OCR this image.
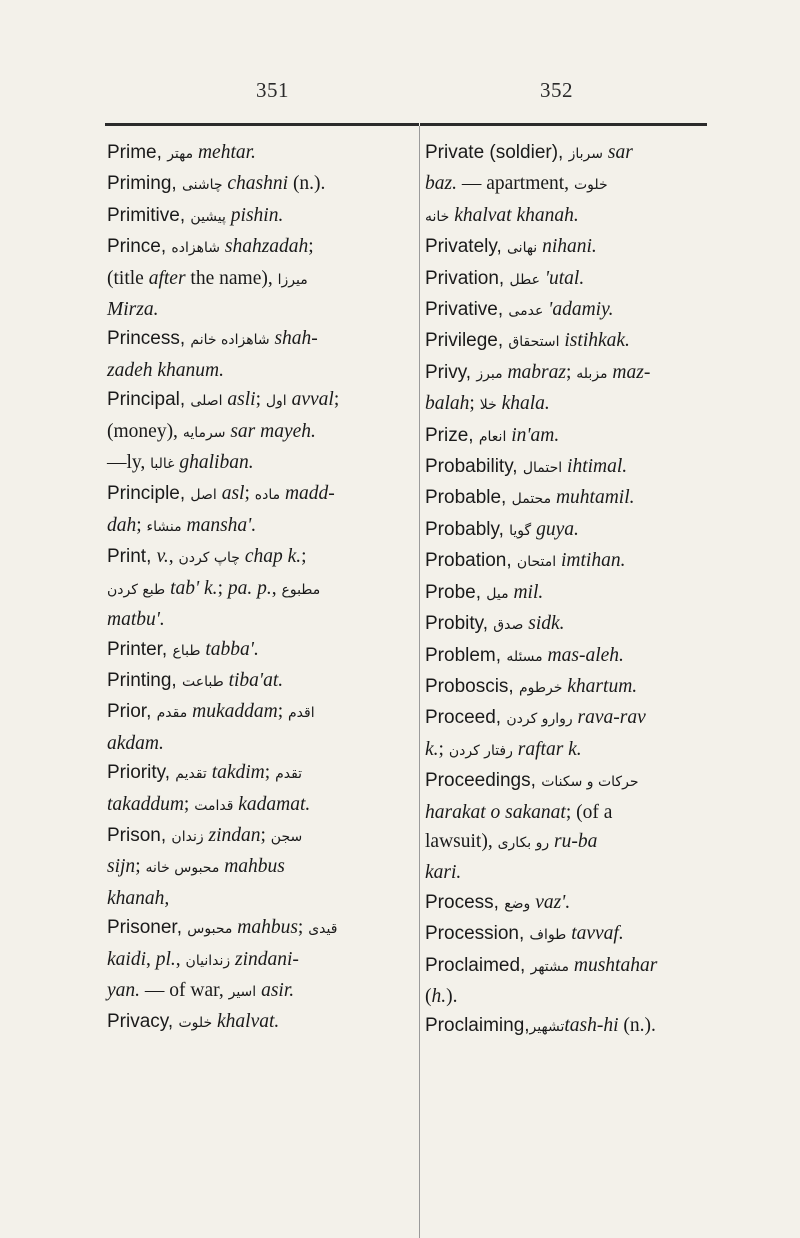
351	352
Prime, مهتر mehtar.
Priming, چاشنی chashni (n.).
Primitive, پیشین pishin.
Prince, شاهزاده shahzadah;
(title after the name), میرزا
Mirza.
Princess, شاهزاده خانم shah-
zadeh khanum.
Principal, اصلی asli; اول avval;
(money), سرمایه sar mayeh.
—ly, غالبا ghaliban.
Principle, اصل asl; ماده madd-
dah; منشاء mansha'.
Print, v., چاپ کردن chap k.;
طبع کردن tab' k.; pa. p., مطبوع
matbu'.
Printer, طباع tabba'.
Printing, طباعت tiba'at.
Prior, مقدم mukaddam; اقدم
akdam.
Priority, تقدیم takdim; تقدم
takaddum; قدامت kadamat.
Prison, زندان zindan; سجن
sijn; محبوس خانه mahbus
khanah,
Prisoner, محبوس mahbus; قیدی
kaidi, pl., زندانیان zindani-
yan. — of war, اسیر asir.
Privacy, خلوت khalvat.
Private (soldier), سرباز sar
baz. — apartment, خلوت
خانه khalvat khanah.
Privately, نهانی nihani.
Privation, عطل 'utal.
Privative, عدمی 'adamiy.
Privilege, استحقاق istihkak.
Privy, مبرز mabraz; مزبله maz-
balah; خلا khala.
Prize, انعام in'am.
Probability, احتمال ihtimal.
Probable, محتمل muhtamil.
Probably, گویا guya.
Probation, امتحان imtihan.
Probe, میل mil.
Probity, صدق sidk.
Problem, مسئله mas-aleh.
Proboscis, خرطوم khartum.
Proceed, روارو کردن rava-rav
k.; رفتار کردن raftar k.
Proceedings, حرکات و سکنات
harakat o sakanat; (of a
lawsuit), رو بکاری ru-ba
kari.
Process, وضع vaz'.
Procession, طواف tavvaf.
Proclaimed, مشتهر mushtahar
(h.).
Proclaiming,تشهیرtash-hi (n.).
